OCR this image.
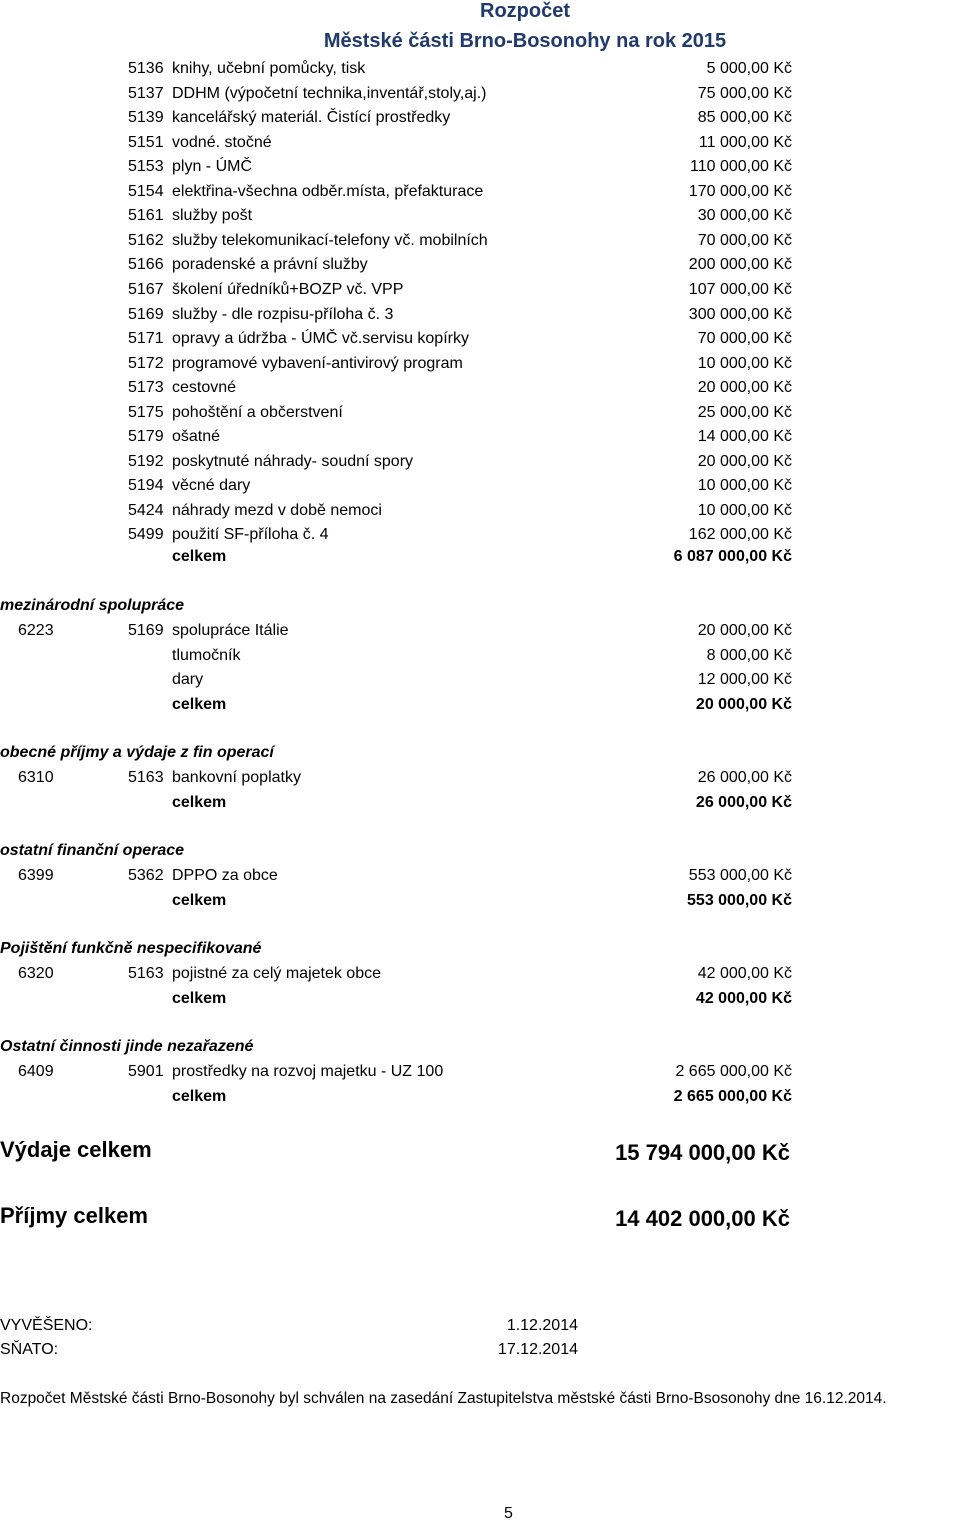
Rozpočet
Městské části Brno-Bosonohy na rok 2015
5136 knihy, učební pomůcky, tisk	5 000,00 Kč
5137 DDHM (výpočetní technika,inventář,stoly,aj.)	75 000,00 Kč
5139 kancelářský materiál. Čistící prostředky	85 000,00 Kč
5151 vodné. stočné	11 000,00 Kč
5153 plyn - ÚMČ	110 000,00 Kč
5154 elektřina-všechna odběr.místa, přefakturace	170 000,00 Kč
5161 služby pošt	30 000,00 Kč
5162 služby telekomunikací-telefony vč. mobilních	70 000,00 Kč
5166 poradenské a právní služby	200 000,00 Kč
5167 školení úředníků+BOZP vč. VPP	107 000,00 Kč
5169 služby - dle rozpisu-příloha č. 3	300 000,00 Kč
5171 opravy a údržba - ÚMČ vč.servisu kopírky	70 000,00 Kč
5172 programové vybavení-antivirový program	10 000,00 Kč
5173 cestovné	20 000,00 Kč
5175 pohoštění a občerstvení	25 000,00 Kč
5179 ošatné	14 000,00 Kč
5192 poskytnuté náhrady- soudní spory	20 000,00 Kč
5194 věcné dary	10 000,00 Kč
5424 náhrady mezd v době nemoci	10 000,00 Kč
5499 použití SF-příloha č. 4	162 000,00 Kč
celkem	6 087 000,00 Kč
mezinárodní spolupráce
6223	5169 spolupráce Itálie	20 000,00 Kč
tlumočník	8 000,00 Kč
dary	12 000,00 Kč
celkem	20 000,00 Kč
obecné příjmy a výdaje z fin operací
6310	5163 bankovní poplatky	26 000,00 Kč
celkem	26 000,00 Kč
ostatní finanční operace
6399	5362 DPPO za obce	553 000,00 Kč
celkem	553 000,00 Kč
Pojištění funkčně nespecifikované
6320	5163 pojistné za celý majetek obce	42 000,00 Kč
celkem	42 000,00 Kč
Ostatní činnosti jinde nezařazené
6409	5901 prostředky na rozvoj majetku - UZ 100	2 665 000,00 Kč
celkem	2 665 000,00 Kč
Výdaje celkem	15 794 000,00 Kč
Příjmy celkem	14 402 000,00 Kč
VYVĚŠENO:	1.12.2014
SŇATO:	17.12.2014
Rozpočet Městské části Brno-Bosonohy byl schválen na zasedání Zastupitelstva městské části Brno-Bsosonohy dne 16.12.2014.
5
